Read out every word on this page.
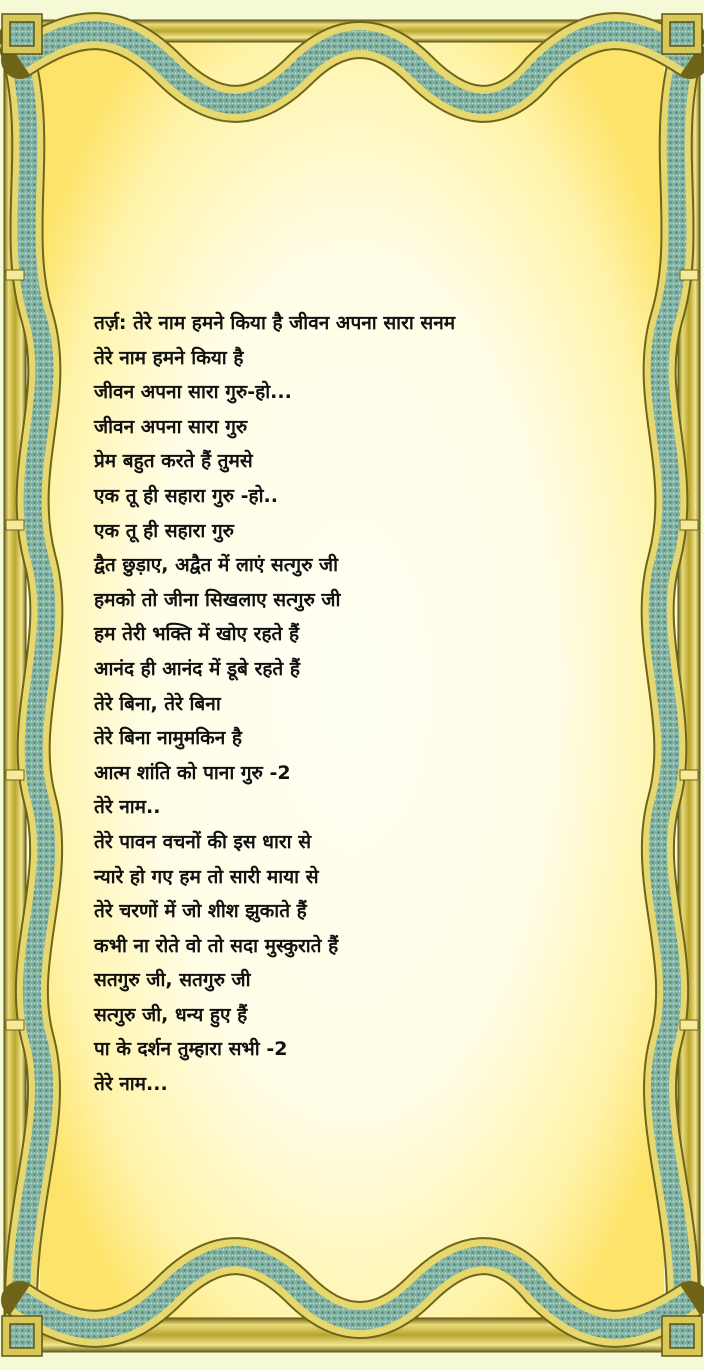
तर्ज़: तेरे नाम हमने किया है जीवन अपना सारा सनम
तेरे नाम हमने किया है
जीवन अपना सारा गुरु-हो...
जीवन अपना सारा गुरु
प्रेम बहुत करते हैं तुमसे
एक तू ही सहारा गुरु -हो..
एक तू ही सहारा गुरु
द्वैत छुड़ाए, अद्वैत में लाएं सत्गुरु जी
हमको तो जीना सिखलाए सत्गुरु जी
हम तेरी भक्ति में खोए रहते हैं
आनंद ही आनंद में डूबे रहते हैं
तेरे बिना, तेरे बिना
तेरे बिना नामुमकिन है
आत्म शांति को पाना गुरु -2
तेरे नाम..
तेरे पावन वचनों की इस धारा से
न्यारे हो गए हम तो सारी माया से
तेरे चरणों में जो शीश झुकाते हैं
कभी ना रोते वो तो सदा मुस्कुराते हैं
सतगुरु जी, सतगुरु जी
सत्गुरु जी, धन्य हुए हैं
पा के दर्शन तुम्हारा सभी -2
तेरे नाम...
